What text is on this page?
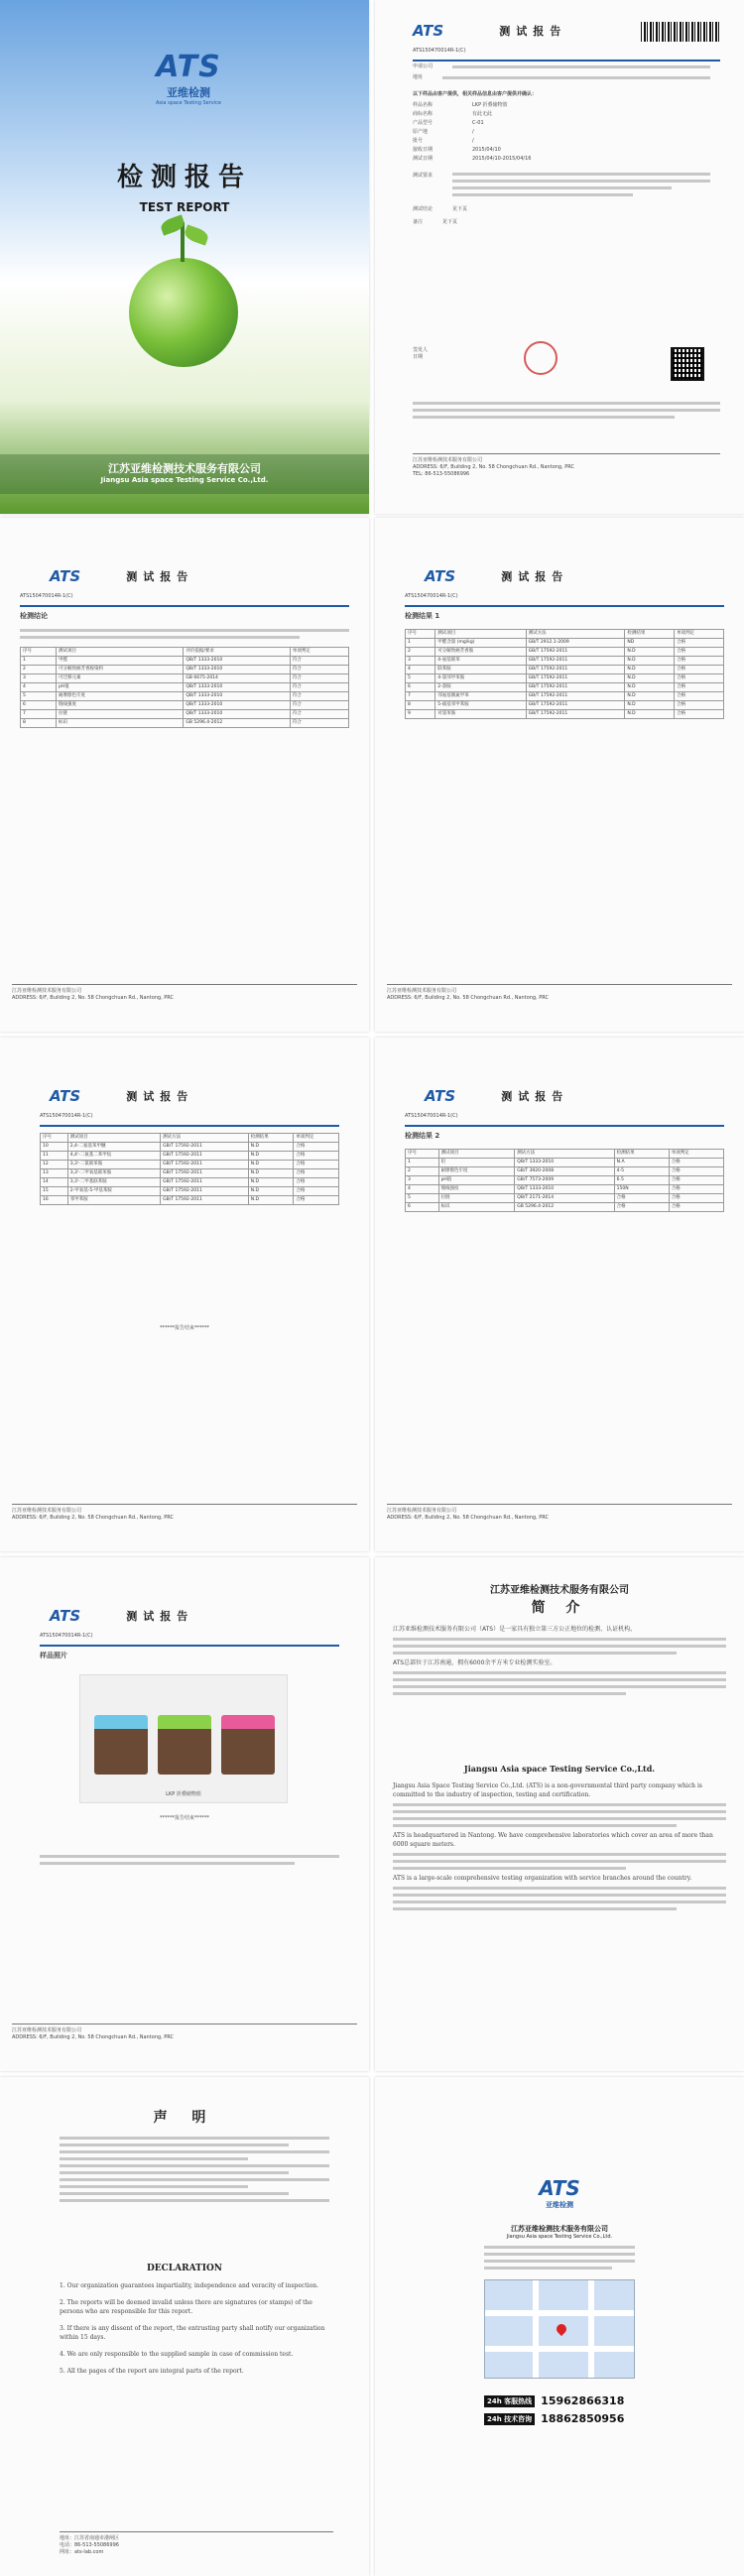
ATS
亚维检测
Asia space Testing Service
检测报告
TEST REPORT
江苏亚维检测技术服务有限公司
Jiangsu Asia space Testing Service Co.,Ltd.
ATS	测试报告
ATS150470014R-1(C)
申请公司
地址
以下样品由客户提供，相关样品信息由客户提供并确认：
样品名称	LKP 折叠储物篮
商标名称	有此无此
产品型号	C-01
原产地	/
批号	/
接收日期	2015/04/10
测试日期	2015/04/10-2015/04/16
测试要求
测试结论	见下页
备注	见下页
签发人
日期
江苏亚维检测技术服务有限公司
ADDRESS: 6/F, Building 2, No. 58 Chongchuan Rd., Nantong, PRC
TEL: 86-513-55086996
ATS	测试报告
ATS150470014R-1(C)
检测结论
序号	测试项目	评价依据/要求	单项判定
1	甲醛	QB/T 1333-2010	符合
2	可分解致癌芳香胺染料	QB/T 1333-2010	符合
3	可迁移元素	GB 6675-2014	符合
4	pH值	QB/T 1333-2010	符合
5	耐摩擦色牢度	QB/T 1333-2010	符合
6	缝线强度	QB/T 1333-2010	符合
7	拉链	QB/T 1333-2010	符合
8	标识	GB 5296.4-2012	符合
江苏亚维检测技术服务有限公司
ADDRESS: 6/F, Building 2, No. 58 Chongchuan Rd., Nantong, PRC
ATS	测试报告
ATS150470014R-1(C)
检测结果 1
序号	测试项目	测试方法	检测结果	单项判定
1	甲醛含量 (mg/kg)	GB/T 2912.1-2009	ND	合格
2	可分解致癌芳香胺	GB/T 17592-2011	N.D	合格
3	4-氨基联苯	GB/T 17592-2011	N.D	合格
4	联苯胺	GB/T 17592-2011	N.D	合格
5	4-氯邻甲苯胺	GB/T 17592-2011	N.D	合格
6	2-萘胺	GB/T 17592-2011	N.D	合格
7	邻氨基偶氮甲苯	GB/T 17592-2011	N.D	合格
8	5-硝基邻甲苯胺	GB/T 17592-2011	N.D	合格
9	对氯苯胺	GB/T 17592-2011	N.D	合格
江苏亚维检测技术服务有限公司
ADDRESS: 6/F, Building 2, No. 58 Chongchuan Rd., Nantong, PRC
ATS	测试报告
ATS150470014R-1(C)
序号	测试项目	测试方法	检测结果	单项判定
10	2,4-二氨基苯甲醚	GB/T 17592-2011	N.D	合格
11	4,4'-二氨基二苯甲烷	GB/T 17592-2011	N.D	合格
12	3,3'-二氯联苯胺	GB/T 17592-2011	N.D	合格
13	3,3'-二甲氧基联苯胺	GB/T 17592-2011	N.D	合格
14	3,3'-二甲基联苯胺	GB/T 17592-2011	N.D	合格
15	2-甲氧基-5-甲基苯胺	GB/T 17592-2011	N.D	合格
16	邻甲苯胺	GB/T 17592-2011	N.D	合格
******报告结束******
江苏亚维检测技术服务有限公司
ADDRESS: 6/F, Building 2, No. 58 Chongchuan Rd., Nantong, PRC
ATS	测试报告
ATS150470014R-1(C)
检测结果 2
序号	测试项目	测试方法	检测结果	单项判定
1	铅	QB/T 1333-2010	N.A	合格
2	耐摩擦色牢度	GB/T 3920-2008	4-5	合格
3	pH值	GB/T 7573-2009	6.5	合格
4	缝线强度	QB/T 1333-2010	150N	合格
5	拉链	QB/T 2171-2014	合格	合格
6	标识	GB 5296.4-2012	合格	合格
江苏亚维检测技术服务有限公司
ADDRESS: 6/F, Building 2, No. 58 Chongchuan Rd., Nantong, PRC
ATS	测试报告
ATS150470014R-1(C)
样品照片
LKP 折叠储物篮
******报告结束******
江苏亚维检测技术服务有限公司
ADDRESS: 6/F, Building 2, No. 58 Chongchuan Rd., Nantong, PRC
江苏亚维检测技术服务有限公司
简 介
江苏亚维检测技术服务有限公司（ATS）是一家具有独立第三方公正地位的检测、认证机构。
ATS总部位于江苏南通，拥有6000余平方米专业检测实验室。
Jiangsu Asia space Testing Service Co.,Ltd.
Jiangsu Asia Space Testing Service Co.,Ltd. (ATS) is a non-governmental third party company which is committed to the industry of inspection, testing and certification.
ATS is headquartered in Nantong. We have comprehensive laboratories which cover an area of more than 6000 square meters.
ATS is a large-scale comprehensive testing organization with service branches around the country.
声 明
DECLARATION
1. Our organization guarantees impartiality, independence and veracity of inspection.
2. The reports will be deemed invalid unless there are signatures (or stamps) of the persons who are responsible for this report.
3. If there is any dissent of the report, the entrusting party shall notify our organization within 15 days.
4. We are only responsible to the supplied sample in case of commission test.
5. All the pages of the report are integral parts of the report.
地址：江苏省南通市港闸区
电话：86-513-55086996
网址：ats-lab.com
ATS
亚维检测
江苏亚维检测技术服务有限公司
Jiangsu Asia space Testing Service Co.,Ltd.
24h 客服热线 15962866318
24h 技术咨询 18862850956
